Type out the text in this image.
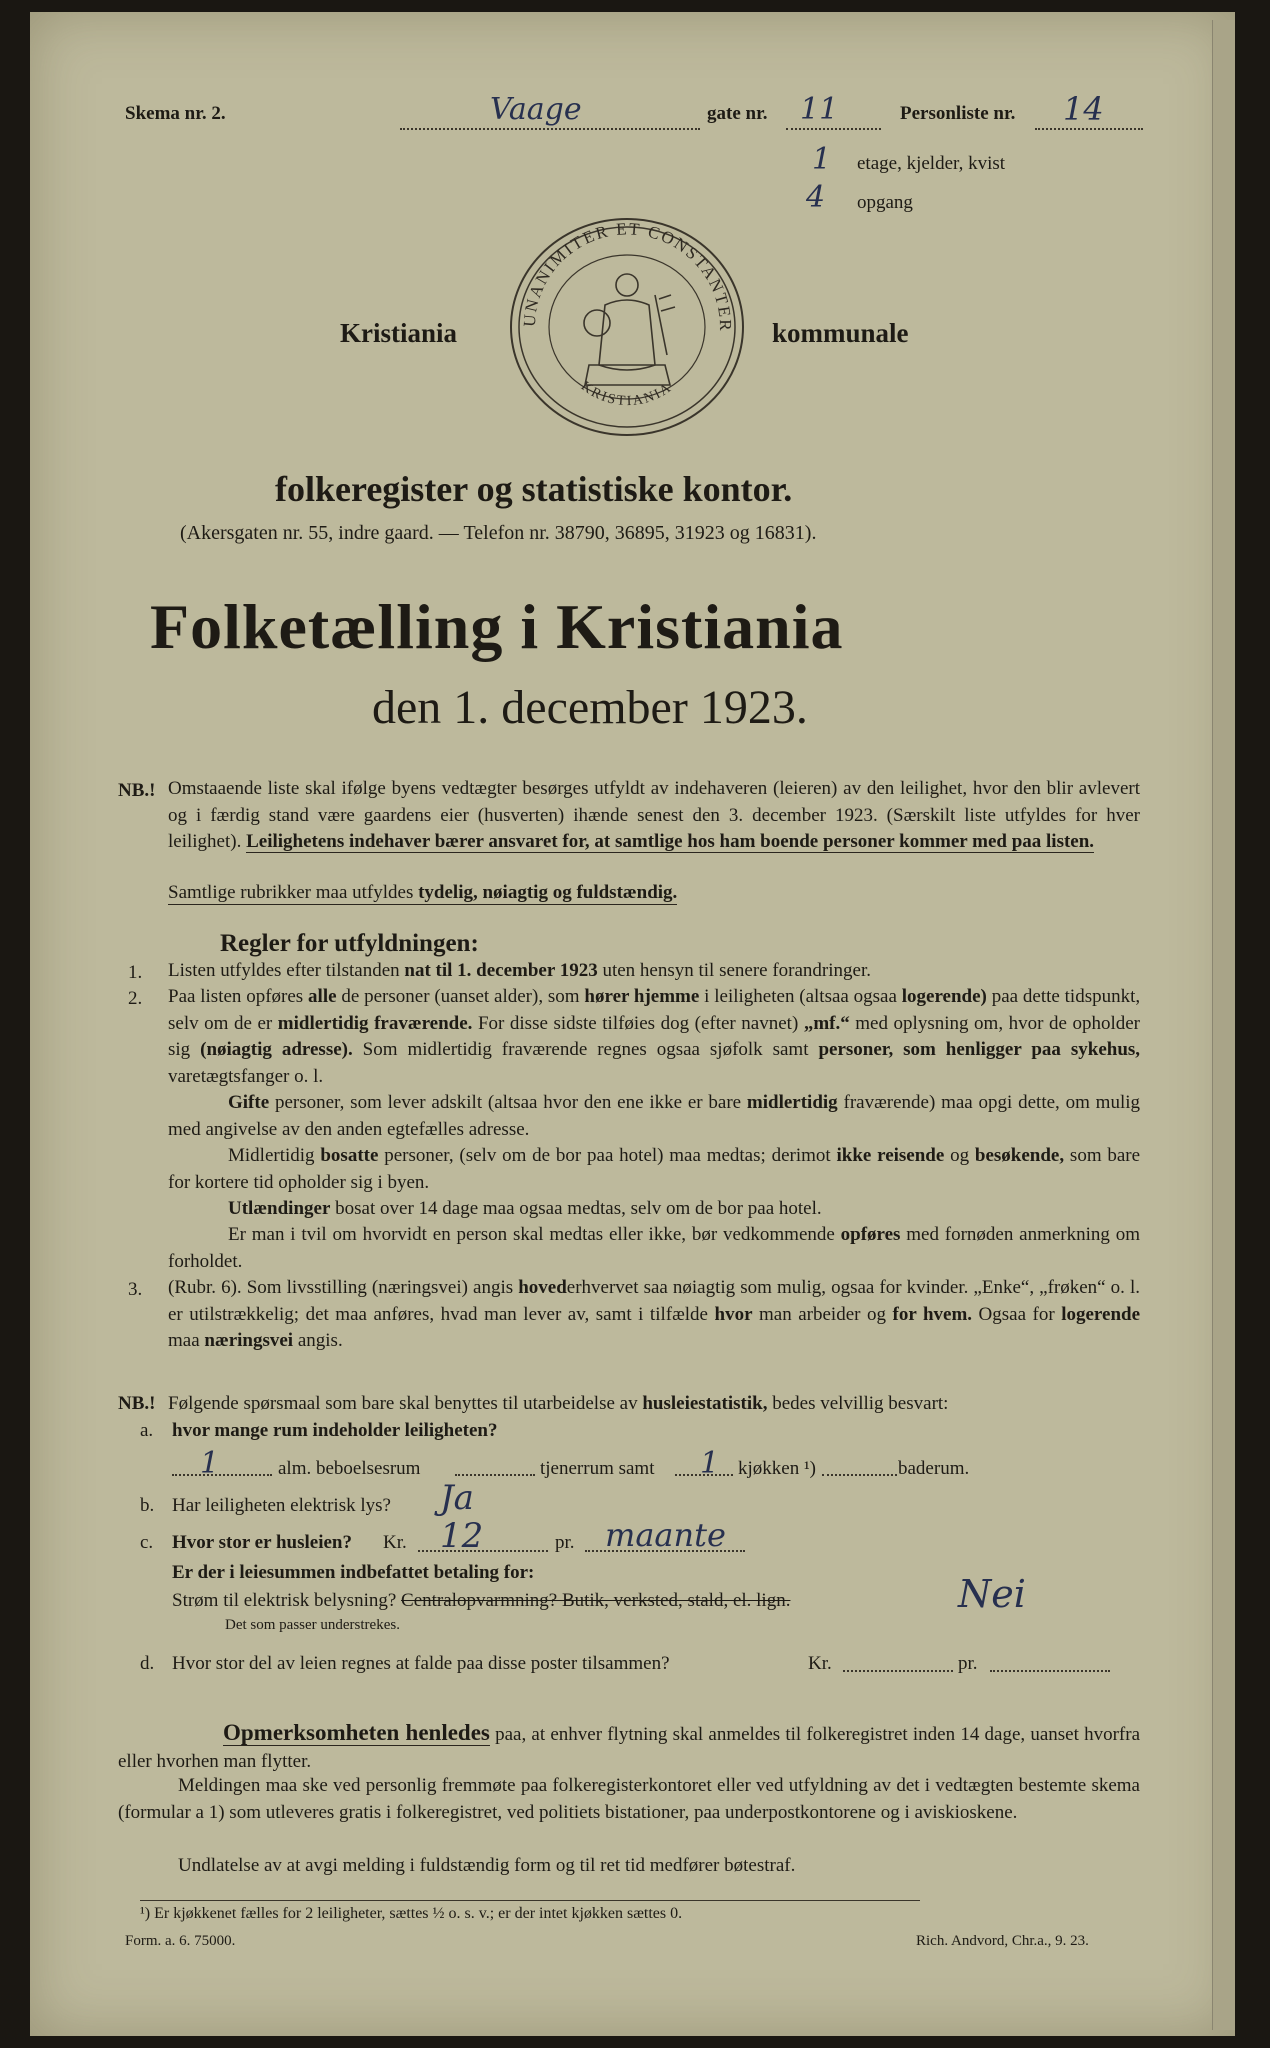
Skema nr. 2.	Vaage	gate nr. 11	Personliste nr. 14
1 etage, kjelder, kvist
4 opgang
UNANIMITER ET CONSTANTER
KRISTIANIA
Kristiania	kommunale
folkeregister og statistiske kontor.
(Akersgaten nr. 55, indre gaard. — Telefon nr. 38790, 36895, 31923 og 16831).
Folketælling i Kristiania
den 1. december 1923.
NB.! Omstaaende liste skal ifølge byens vedtægter besørges utfyldt av indehaveren (leieren) av den leilighet, hvor den blir avlevert og i færdig stand være gaardens eier (husverten) ihænde senest den 3. december 1923. (Særskilt liste utfyldes for hver leilighet). Leilighetens indehaver bærer ansvaret for, at samtlige hos ham boende personer kommer med paa listen.

Samtlige rubrikker maa utfyldes tydelig, nøiagtig og fuldstændig.
Regler for utfyldningen:
1. Listen utfyldes efter tilstanden nat til 1. december 1923 uten hensyn til senere forandringer.

2. Paa listen opføres alle de personer (uanset alder), som hører hjemme i leiligheten (altsaa ogsaa logerende) paa dette tidspunkt, selv om de er midlertidig fraværende. For disse sidste tilføies dog (efter navnet) „mf.“ med oplysning om, hvor de opholder sig (nøiagtig adresse). Som midlertidig fraværende regnes ogsaa sjøfolk samt personer, som henligger paa sykehus, varetægtsfanger o. l.

Gifte personer, som lever adskilt (altsaa hvor den ene ikke er bare midlertidig fraværende) maa opgi dette, om mulig med angivelse av den anden egtefælles adresse.

Midlertidig bosatte personer, (selv om de bor paa hotel) maa medtas; derimot ikke reisende og besøkende, som bare for kortere tid opholder sig i byen.

Utlændinger bosat over 14 dage maa ogsaa medtas, selv om de bor paa hotel.

Er man i tvil om hvorvidt en person skal medtas eller ikke, bør vedkommende opføres med fornøden anmerkning om forholdet.

3. (Rubr. 6). Som livsstilling (næringsvei) angis hovederhvervet saa nøiagtig som mulig, ogsaa for kvinder. „Enke“, „frøken“ o. l. er utilstrækkelig; det maa anføres, hvad man lever av, samt i tilfælde hvor man arbeider og for hvem. Ogsaa for logerende maa næringsvei angis.

NB.! Følgende spørsmaal som bare skal benyttes til utarbeidelse av husleiestatistik, bedes velvillig besvart:
a. hvor mange rum indeholder leiligheten?
1	alm. beboelsesrum	tjenerrum samt 1 kjøkken ¹)	baderum.
b. Har leiligheten elektrisk lys? Ja
c. Hvor stor er husleien? Kr. 12	pr. maante
Er der i leiesummen indbefattet betaling for:
Strøm til elektrisk belysning? Centralopvarmning? Butik, verksted, stald, el. lign.	Nei
Det som passer understrekes.
d. Hvor stor del av leien regnes at falde paa disse poster tilsammen?	Kr.	pr.

Opmerksomheten henledes paa, at enhver flytning skal anmeldes til folkeregistret inden 14 dage, uanset hvorfra eller hvorhen man flytter.

Meldingen maa ske ved personlig fremmøte paa folkeregisterkontoret eller ved utfyldning av det i vedtægten bestemte skema (formular a 1) som utleveres gratis i folkeregistret, ved politiets bistationer, paa underpostkontorene og i aviskioskene.

Undlatelse av at avgi melding i fuldstændig form og til ret tid medfører bøtestraf.

¹) Er kjøkkenet fælles for 2 leiligheter, sættes ½ o. s. v.; er der intet kjøkken sættes 0.
Form. a. 6. 75000.	Rich. Andvord, Chr.a., 9. 23.
